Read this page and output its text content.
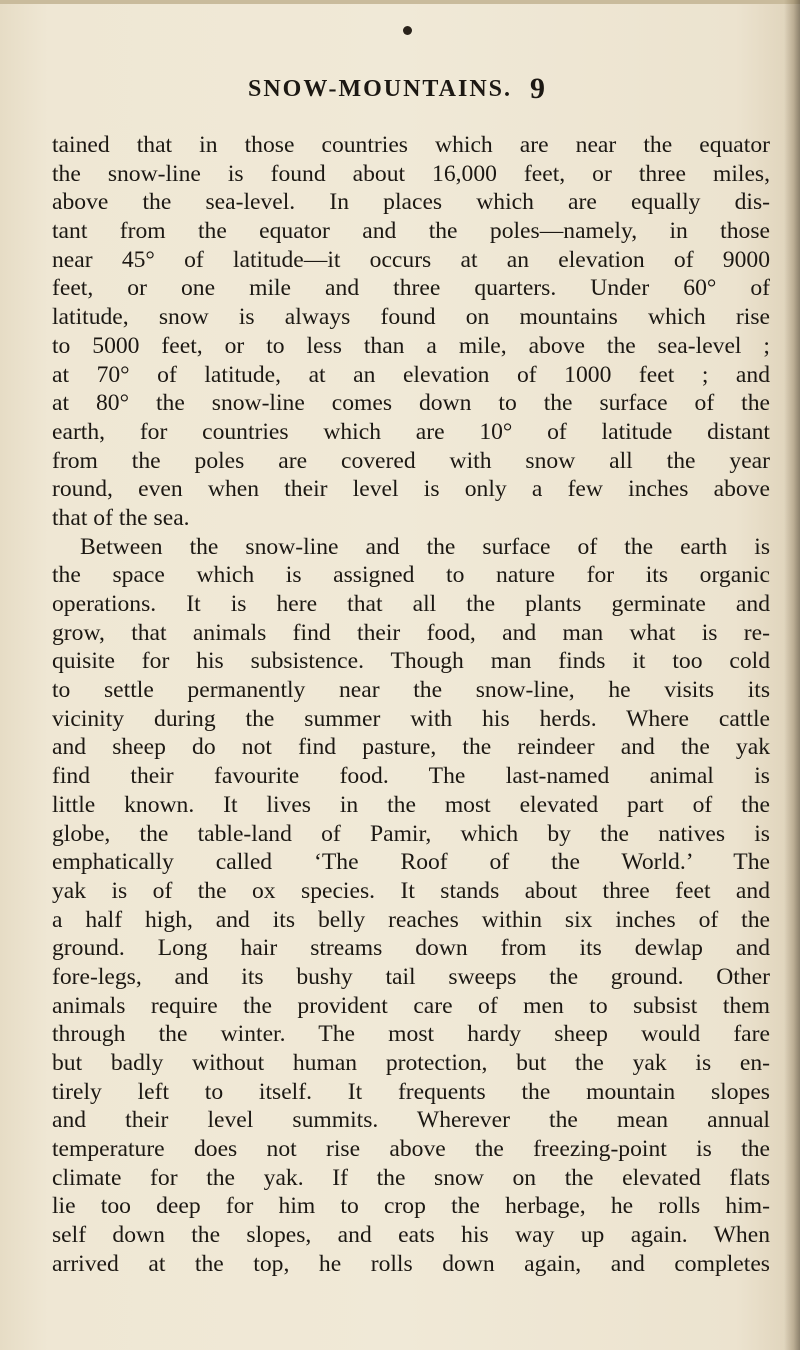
SNOW-MOUNTAINS. 9
tained that in those countries which are near the equator
the snow-line is found about 16,000 feet, or three miles,
above the sea-level. In places which are equally dis-
tant from the equator and the poles—namely, in those
near 45° of latitude—it occurs at an elevation of 9000
feet, or one mile and three quarters. Under 60° of
latitude, snow is always found on mountains which rise
to 5000 feet, or to less than a mile, above the sea-level ;
at 70° of latitude, at an elevation of 1000 feet ; and
at 80° the snow-line comes down to the surface of the
earth, for countries which are 10° of latitude distant
from the poles are covered with snow all the year
round, even when their level is only a few inches above
that of the sea.
Between the snow-line and the surface of the earth is
the space which is assigned to nature for its organic
operations. It is here that all the plants germinate and
grow, that animals find their food, and man what is re-
quisite for his subsistence. Though man finds it too cold
to settle permanently near the snow-line, he visits its
vicinity during the summer with his herds. Where cattle
and sheep do not find pasture, the reindeer and the yak
find their favourite food. The last-named animal is
little known. It lives in the most elevated part of the
globe, the table-land of Pamir, which by the natives is
emphatically called ‘The Roof of the World.’ The
yak is of the ox species. It stands about three feet and
a half high, and its belly reaches within six inches of the
ground. Long hair streams down from its dewlap and
fore-legs, and its bushy tail sweeps the ground. Other
animals require the provident care of men to subsist them
through the winter. The most hardy sheep would fare
but badly without human protection, but the yak is en-
tirely left to itself. It frequents the mountain slopes
and their level summits. Wherever the mean annual
temperature does not rise above the freezing-point is the
climate for the yak. If the snow on the elevated flats
lie too deep for him to crop the herbage, he rolls him-
self down the slopes, and eats his way up again. When
arrived at the top, he rolls down again, and completes
